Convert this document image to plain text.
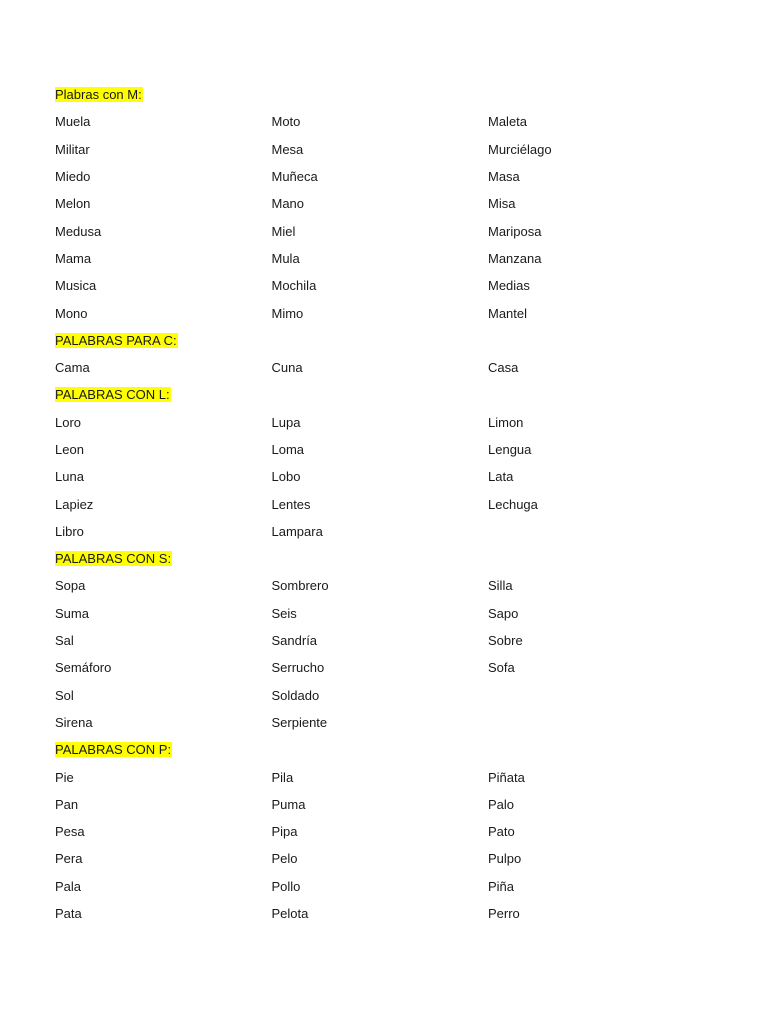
Plabras con M:
Muela	Moto	Maleta
Militar	Mesa	Murciélago
Miedo	Muñeca	Masa
Melon	Mano	Misa
Medusa	Miel	Mariposa
Mama	Mula	Manzana
Musica	Mochila	Medias
Mono	Mimo	Mantel
PALABRAS PARA C:
Cama	Cuna	Casa
PALABRAS CON L:
Loro	Lupa	Limon
Leon	Loma	Lengua
Luna	Lobo	Lata
Lapiez	Lentes	Lechuga
Libro	Lampara
PALABRAS CON S:
Sopa	Sombrero	Silla
Suma	Seis	Sapo
Sal	Sandría	Sobre
Semáforo	Serrucho	Sofa
Sol	Soldado
Sirena	Serpiente
PALABRAS CON P:
Pie	Pila	Piñata
Pan	Puma	Palo
Pesa	Pipa	Pato
Pera	Pelo	Pulpo
Pala	Pollo	Piña
Pata	Pelota	Perro
